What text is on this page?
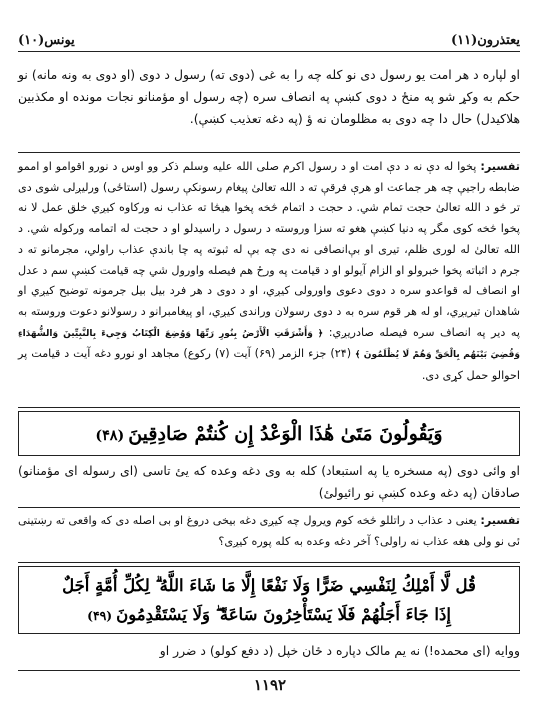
یونس(۱۰)	یعتذرون(۱۱)
او لپاره د هر امت یو رسول دی نو کله چه را به غی (دوی ته) رسول د دوی (او دوی به ونه مانه) نو حکم به وکړ شو په منځ د دوی کښې په انصاف سره (چه رسول او مؤمنانو نجات مونده او مکذبین هلاکیدل) حال دا چه دوی به مظلومان نه ؤ (په دغه تعذیب کښې).
تفسیر: پخوا له دې نه د دې امت او د رسول اکرم صلی الله علیه وسلم ذکر وو اوس د نورو اقوامو او اممو ضابطه راجیې چه هر جماعت او هرې فرقې ته د الله تعالیٰ پیغام رسونکې رسول (استاځی) ورلیږلی شوی دی تر څو د الله تعالیٰ حجت تمام شي. د حجت د اتمام څخه پخوا هیڅا ته عذاب نه ورکاوه کیږي خلق عمل لا نه پخوا څخه کوی مگر په دنیا کښې هغو ته سزا وروسته د رسول د راسیدلو او د حجت له اتمامه ورکوله شي. د الله تعالیٰ له لوری ظلم، تیری او بې‌انصافی نه دی چه بې له ثبوته په چا باندې عذاب راولي، مجرمانو ته د جرم د اثباته پخوا خبرولو او الزام آیولو او د قیامت په ورځ هم فیصله واورول شي چه قیامت کښې سم د عدل او انصاف له قواعدو سره د دوی دعوی واورولی کیږي، او د دوی د هر فرد بیل بیل جرمونه توضیح کیږي او شاهدان تیریږي، او له هر قوم سره به د دوی رسولان وراندی کیږي، او پیغامبرانو د رسولانو دعوت وروسته به په دیر په انصاف سره فیصله صادریږي: ﴿ وَأَشْرَقَتِ الْأَرْضُ بِنُورِ رَبِّهَا وَوُضِعَ الْكِتَابُ وَجِيءَ بِالنَّبِيِّينَ وَالشُّهَدَاءِ وَقُضِيَ بَيْنَهُم بِالْحَقِّ وَهُمْ لَا يُظْلَمُونَ ﴾ (۲۴) جزء الزمر (۶۹) آیت (۷) رکوع) مجاهد او نورو دغه آیت د قیامت پر احوالو حمل کړی دی.
وَيَقُولُونَ مَتَىٰ هَٰذَا الْوَعْدُ إِن كُنتُمْ صَادِقِينَ(۴۸)
او وائی دوی (په مسخره یا په استبعاد) کله به وی دغه وعده که یئ تاسی (ای رسوله ای مؤمنانو) صادقان (په دغه وعده کښې نو رائیولئ)
تفسیر: یعنی د عذاب د راتللو څخه کوم ویرول چه کیږی دغه بیخی دروغ او بی اصله دی که واقعی ته رښتینی ئی نو ولی هغه عذاب نه راولی؟ آخر دغه وعده به کله پوره کیږی؟
قُل لَّا أَمْلِكُ لِنَفْسِي ضَرًّا وَلَا نَفْعًا إِلَّا مَا شَاءَ اللَّهُ ۗ لِكُلِّ أُمَّةٍ أَجَلٌ
إِذَا جَاءَ أَجَلُهُمْ فَلَا يَسْتَأْخِرُونَ سَاعَةً ۖ وَلَا يَسْتَقْدِمُونَ(۴۹)
ووایه (ای محمده!) نه یم مالک دپاره د ځان خپل (د دفع کولو) د ضرر او
۱۱۹۲
